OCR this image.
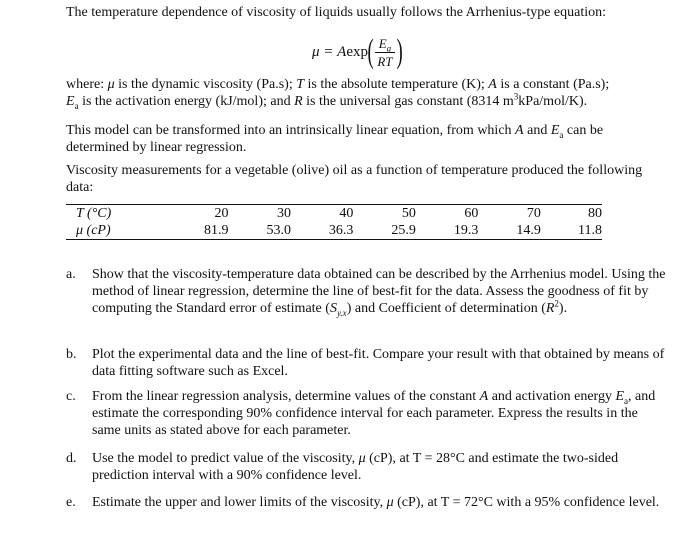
The temperature dependence of viscosity of liquids usually follows the Arrhenius-type equation:

μ = A exp ( $\frac{E_a}{RT}$ )

where: μ is the dynamic viscosity (Pa.s); T is the absolute temperature (K); A is a constant (Pa.s);

$E_a$ is the activation energy (kJ/mol); and R is the universal gas constant (8314 $m^3kPa/mol/K$).

This model can be transformed into an intrinsically linear equation, from which A and $E_a$ can be determined by linear regression.

Viscosity measurements for a vegetable (olive) oil as a function of temperature produced the following data:

T (°C)	20	30	40	50	60	70	80
μ (cP)	81.9	53.0	36.3	25.9	19.3	14.9	11.8
a.	Show that the viscosity-temperature data obtained can be described by the Arrhenius model. Using the method of linear regression, determine the line of best-fit for the data. Assess the goodness of fit by computing the Standard error of estimate $(S_{y.x})$ and Coefficient of determination $(R^2)$.
b.	Plot the experimental data and the line of best-fit. Compare your result with that obtained by means of data fitting software such as Excel.
c.	From the linear regression analysis, determine values of the constant A and activation energy $E_a$, and estimate the corresponding 90% confidence interval for each parameter. Express the results in the same units as stated above for each parameter.
d.	Use the model to predict value of the viscosity, μ (cP), at T = 28°C and estimate the two-sided prediction interval with a 90% confidence level.
e.	Estimate the upper and lower limits of the viscosity, μ (cP), at T = 72°C with a 95% confidence level.
